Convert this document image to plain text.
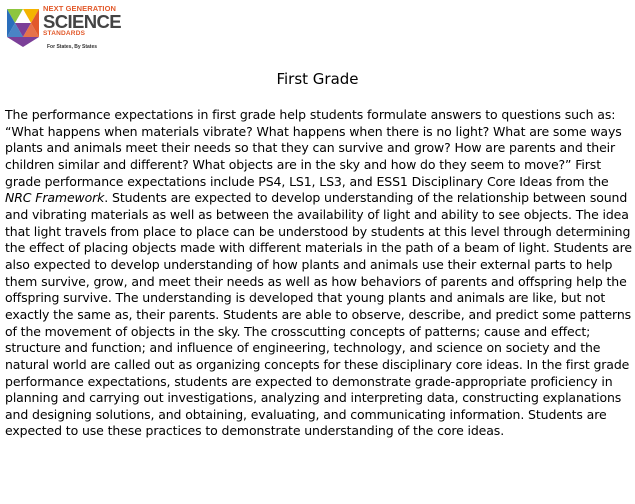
NEXT GENERATION
SCIENCE
STANDARDS
For States, By States
First Grade

The performance expectations in first grade help students formulate answers to questions such as: “What happens when materials vibrate? What happens when there is no light? What are some ways plants and animals meet their needs so that they can survive and grow? How are parents and their children similar and different? What objects are in the sky and how do they seem to move?” First grade performance expectations include PS4, LS1, LS3, and ESS1 Disciplinary Core Ideas from the NRC Framework. Students are expected to develop understanding of the relationship between sound and vibrating materials as well as between the availability of light and ability to see objects. The idea that light travels from place to place can be understood by students at this level through determining the effect of placing objects made with different materials in the path of a beam of light. Students are also expected to develop understanding of how plants and animals use their external parts to help them survive, grow, and meet their needs as well as how behaviors of parents and offspring help the offspring survive. The understanding is developed that young plants and animals are like, but not exactly the same as, their parents. Students are able to observe, describe, and predict some patterns of the movement of objects in the sky. The crosscutting concepts of patterns; cause and effect; structure and function; and influence of engineering, technology, and science on society and the natural world are called out as organizing concepts for these disciplinary core ideas. In the first grade performance expectations, students are expected to demonstrate grade-appropriate proficiency in planning and carrying out investigations, analyzing and interpreting data, constructing explanations and designing solutions, and obtaining, evaluating, and communicating information. Students are expected to use these practices to demonstrate understanding of the core ideas.
